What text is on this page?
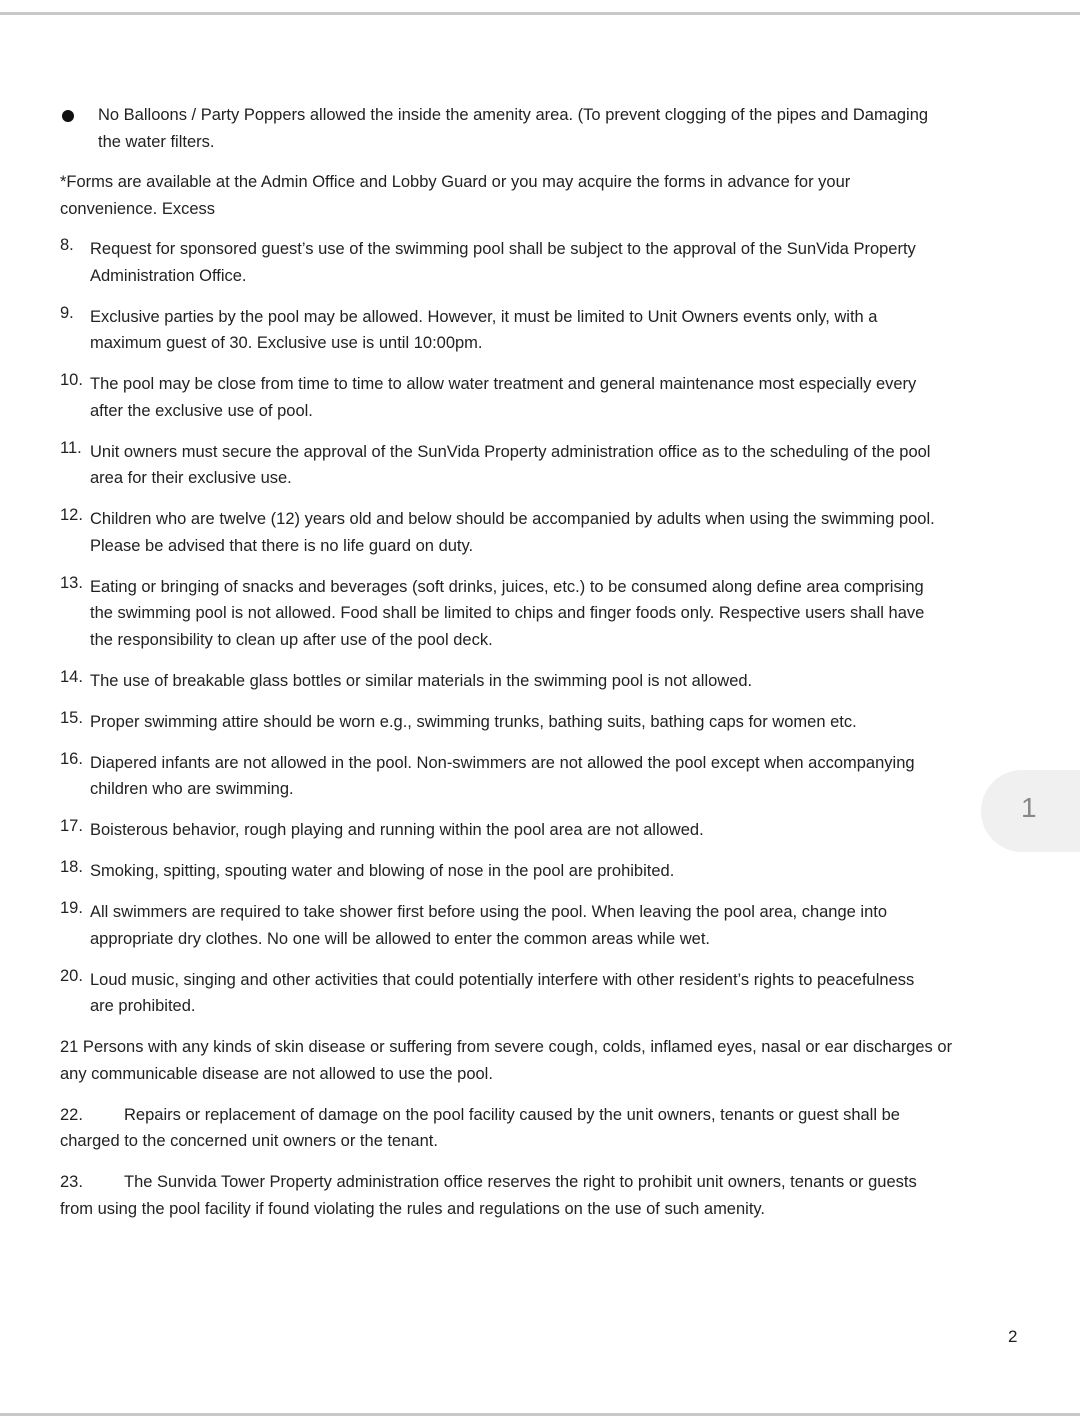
No Balloons / Party Poppers allowed the inside the amenity area. (To prevent clogging of the pipes and Damaging

the water filters.

*Forms are available at the Admin Office and Lobby Guard or you may acquire the forms in advance for your

convenience. Excess

8. Request for sponsored guest’s use of the swimming pool shall be subject to the approval of the SunVida Property

Administration Office.

9. Exclusive parties by the pool may be allowed. However, it must be limited to Unit Owners events only, with a

maximum guest of 30. Exclusive use is until 10:00pm.

10. The pool may be close from time to time to allow water treatment and general maintenance most especially every

after the exclusive use of pool.

11. Unit owners must secure the approval of the SunVida Property administration office as to the scheduling of the pool

area for their exclusive use.

12. Children who are twelve (12) years old and below should be accompanied by adults when using the swimming pool.

Please be advised that there is no life guard on duty.

13. Eating or bringing of snacks and beverages (soft drinks, juices, etc.) to be consumed along define area comprising

the swimming pool is not allowed. Food shall be limited to chips and finger foods only. Respective users shall have

the responsibility to clean up after use of the pool deck.

14. The use of breakable glass bottles or similar materials in the swimming pool is not allowed.

15. Proper swimming attire should be worn e.g., swimming trunks, bathing suits, bathing caps for women etc.

16. Diapered infants are not allowed in the pool. Non-swimmers are not allowed the pool except when accompanying

children who are swimming.

17. Boisterous behavior, rough playing and running within the pool area are not allowed.

18. Smoking, spitting, spouting water and blowing of nose in the pool are prohibited.

19. All swimmers are required to take shower first before using the pool. When leaving the pool area, change into

appropriate dry clothes. No one will be allowed to enter the common areas while wet.

20. Loud music, singing and other activities that could potentially interfere with other resident’s rights to peacefulness

are prohibited.

21 Persons with any kinds of skin disease or suffering from severe cough, colds, inflamed eyes, nasal or ear discharges or

any communicable disease are not allowed to use the pool.

22. Repairs or replacement of damage on the pool facility caused by the unit owners, tenants or guest shall be

charged to the concerned unit owners or the tenant.

23. The Sunvida Tower Property administration office reserves the right to prohibit unit owners, tenants or guests

from using the pool facility if found violating the rules and regulations on the use of such amenity.

1
2
